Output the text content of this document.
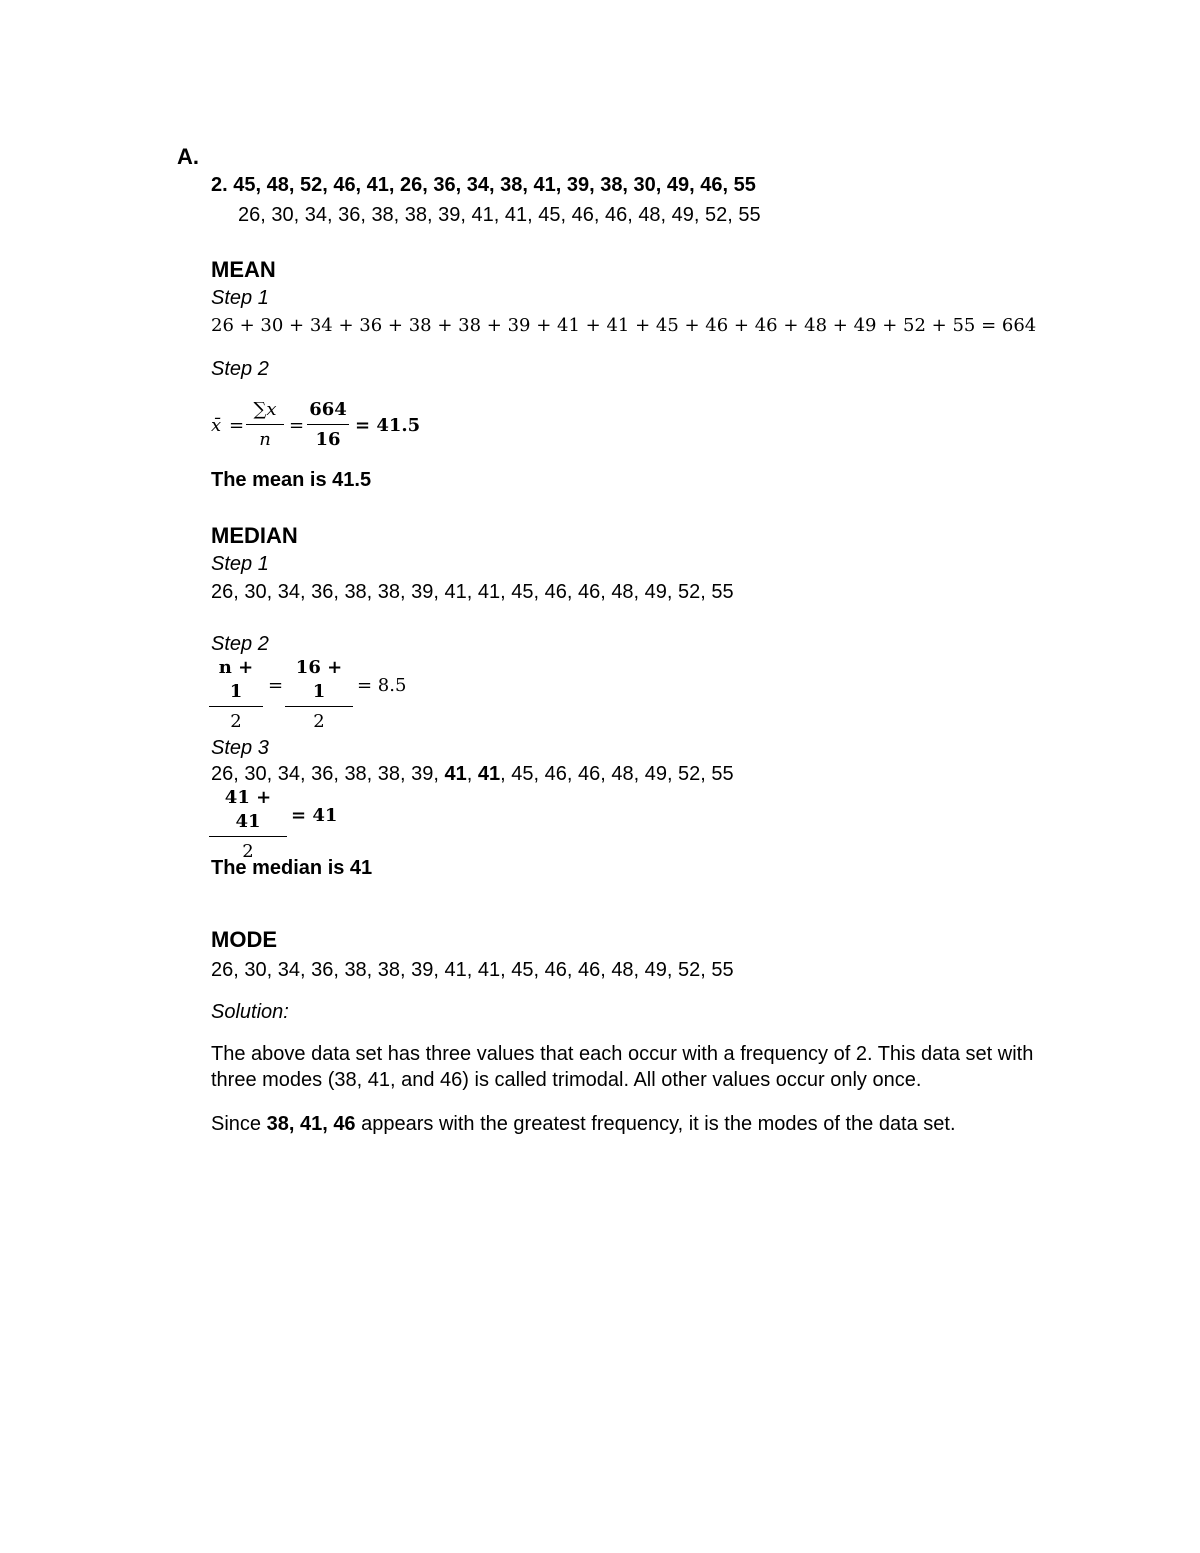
A.
2. 45, 48, 52, 46, 41, 26, 36, 34, 38, 41, 39, 38, 30, 49, 46, 55
26, 30, 34, 36, 38, 38, 39, 41, 41, 45, 46, 46, 48, 49, 52, 55
MEAN
Step 1
26 + 30 + 34 + 36 + 38 + 38 + 39 + 41 + 41 + 45 + 46 + 46 + 48 + 49 + 52 + 55 = 664
Step 2
x̄ =
∑x
n
=
664
16
= 41.5
The mean is 41.5
MEDIAN
Step 1
26, 30, 34, 36, 38, 38, 39, 41, 41, 45, 46, 46, 48, 49, 52, 55
Step 2
n + 1
2
=
16 + 1
2
= 8.5
Step 3
26, 30, 34, 36, 38, 38, 39, 41, 41, 45, 46, 46, 48, 49, 52, 55
41 + 41
2
= 41
The median is 41
MODE
26, 30, 34, 36, 38, 38, 39, 41, 41, 45, 46, 46, 48, 49, 52, 55
Solution:
The above data set has three values that each occur with a frequency of 2. This data set with three modes (38, 41, and 46) is called trimodal. All other values occur only once.
Since 38, 41, 46 appears with the greatest frequency, it is the modes of the data set.
